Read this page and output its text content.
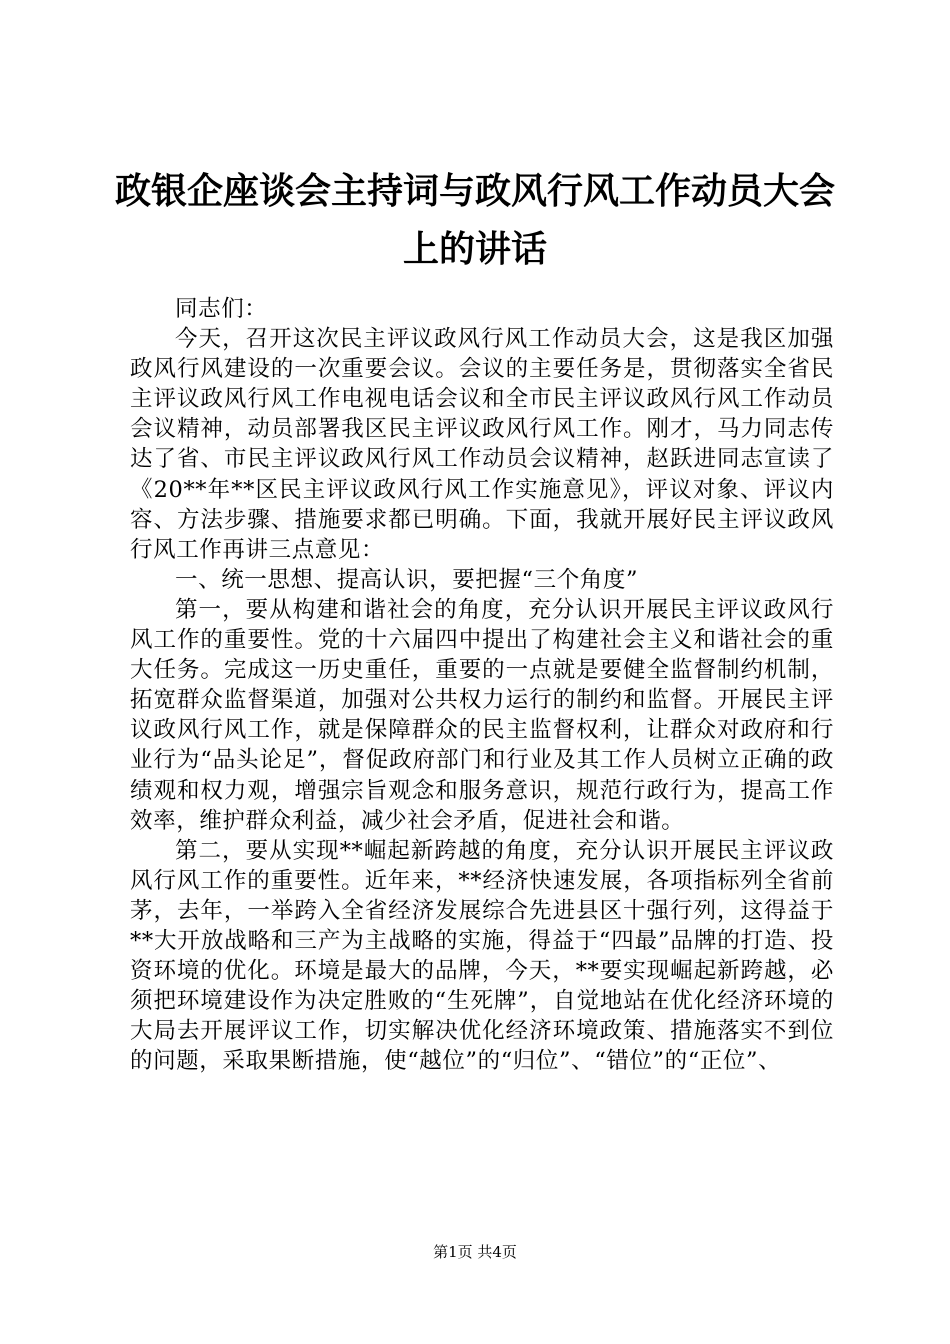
政银企座谈会主持词与政风行风工作动员大会上的讲话

同志们：

今天，召开这次民主评议政风行风工作动员大会，这是我区加强政风行风建设的一次重要会议。会议的主要任务是，贯彻落实全省民主评议政风行风工作电视电话会议和全市民主评议政风行风工作动员会议精神，动员部署我区民主评议政风行风工作。刚才，马力同志传达了省、市民主评议政风行风工作动员会议精神，赵跃进同志宣读了《20**年**区民主评议政风行风工作实施意见》，评议对象、评议内容、方法步骤、措施要求都已明确。下面，我就开展好民主评议政风行风工作再讲三点意见：

一、统一思想、提高认识，要把握“三个角度”

第一，要从构建和谐社会的角度，充分认识开展民主评议政风行风工作的重要性。党的十六届四中提出了构建社会主义和谐社会的重大任务。完成这一历史重任，重要的一点就是要健全监督制约机制，拓宽群众监督渠道，加强对公共权力运行的制约和监督。开展民主评议政风行风工作，就是保障群众的民主监督权利，让群众对政府和行业行为“品头论足”，督促政府部门和行业及其工作人员树立正确的政绩观和权力观，增强宗旨观念和服务意识，规范行政行为，提高工作效率，维护群众利益，减少社会矛盾，促进社会和谐。

第二，要从实现**崛起新跨越的角度，充分认识开展民主评议政风行风工作的重要性。近年来，**经济快速发展，各项指标列全省前茅，去年，一举跨入全省经济发展综合先进县区十强行列，这得益于**大开放战略和三产为主战略的实施，得益于“四最”品牌的打造、投资环境的优化。环境是最大的品牌，今天，**要实现崛起新跨越，必须把环境建设作为决定胜败的“生死牌”，自觉地站在优化经济环境的大局去开展评议工作，切实解决优化经济环境政策、措施落实不到位的问题，采取果断措施，使“越位”的“归位”、“错位”的“正位”、

第1页 共4页
